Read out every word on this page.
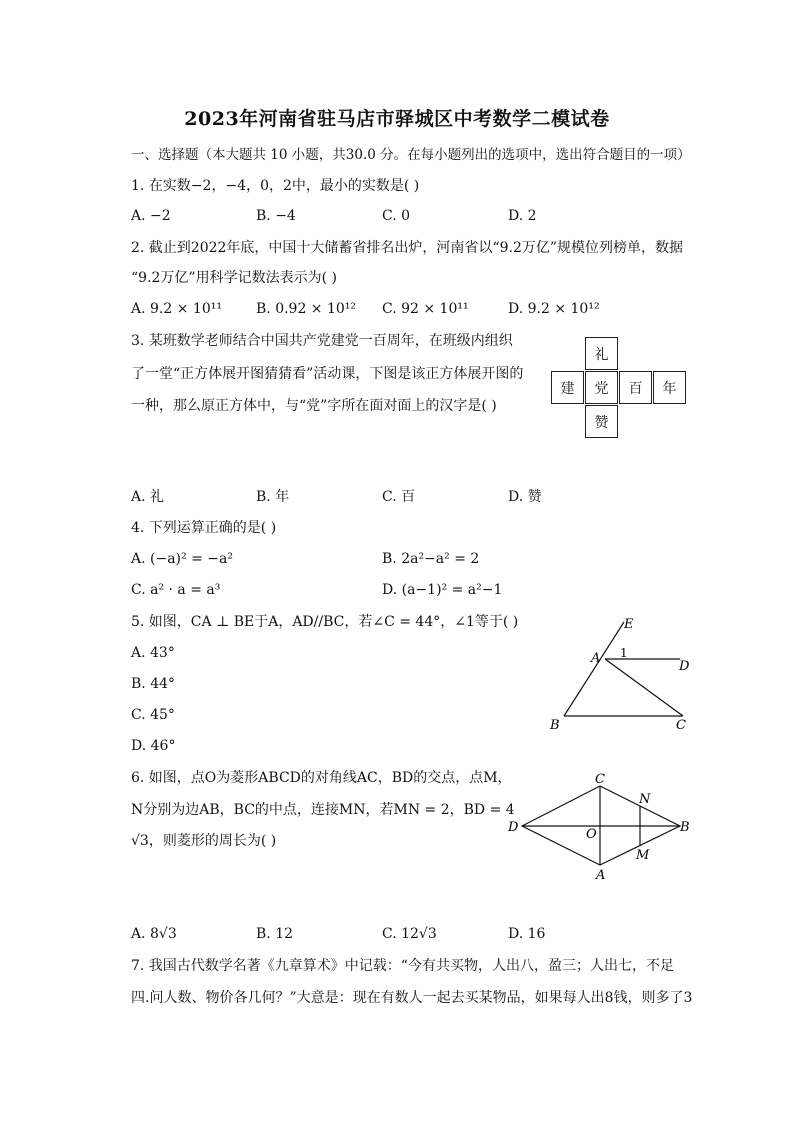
2023年河南省驻马店市驿城区中考数学二模试卷
一、选择题（本大题共 10 小题，共30.0 分。在每小题列出的选项中，选出符合题目的一项）
1. 在实数−2，−4，0，2中，最小的实数是( )
A. −2	B. −4	C. 0	D. 2
2. 截止到2022年底，中国十大储蓄省排名出炉，河南省以“9.2万亿”规模位列榜单，数据
“9.2万亿”用科学记数法表示为( )
A. 9.2 × 10¹¹ B. 0.92 × 10¹² C. 92 × 10¹¹	D. 9.2 × 10¹²
3. 某班数学老师结合中国共产党建党一百周年，在班级内组织
了一堂“正方体展开图猜猜看”活动课，下图是该正方体展开图的
一种，那么原正方体中，与“党”字所在面对面上的汉字是( )
礼
建	党	百	年
赞
A. 礼	B. 年	C. 百	D. 赞
4. 下列运算正确的是( )
A. (−a)² = −a²	B. 2a²−a² = 2
C. a² · a = a³	D. (a−1)² = a²−1
5. 如图，CA ⊥ BE于A，AD//BC，若∠C = 44°，∠1等于( )
A. 43°
B. 44°
C. 45°
D. 46°
E
A 1
D
B	C
6. 如图，点O为菱形ABCD的对角线AC，BD的交点，点M，
N分别为边AB，BC的中点，连接MN，若MN = 2，BD = 4
√3，则菱形的周长为( )
C
N
D	O	B
M
A
A. 8√3	B. 12	C. 12√3	D. 16
7. 我国古代数学名著《九章算术》中记载：“今有共买物，人出八，盈三；人出七，不足
四.问人数、物价各几何？”大意是：现在有数人一起去买某物品，如果每人出8钱，则多了3
